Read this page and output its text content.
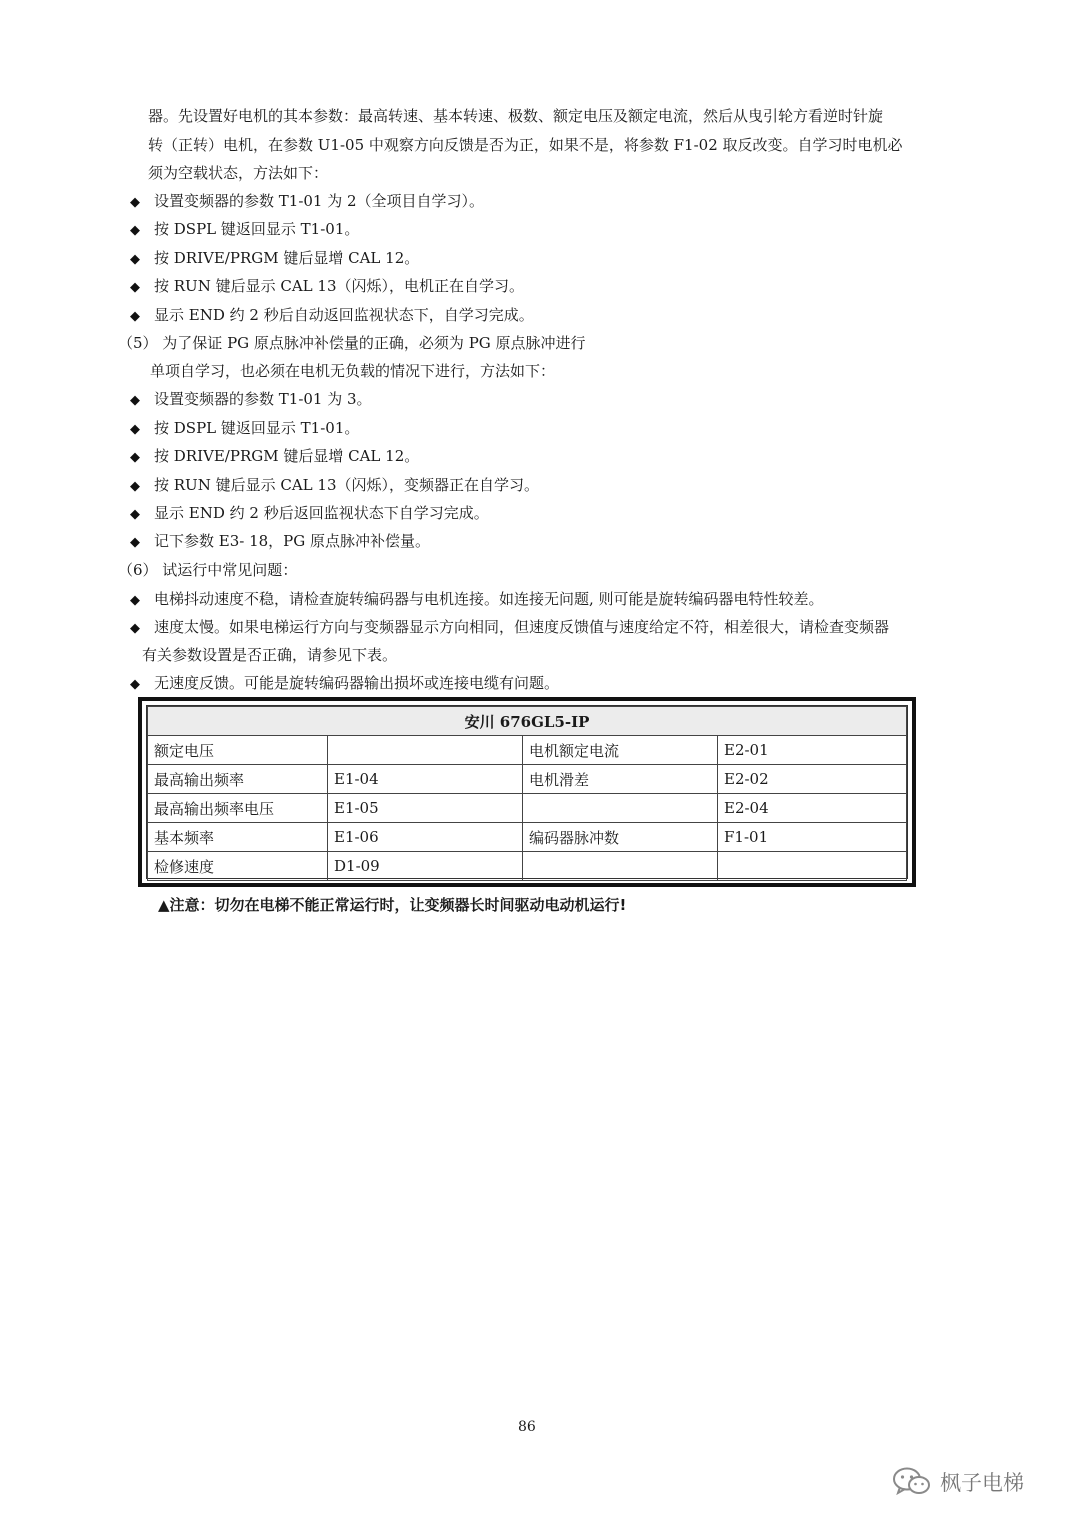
器。先设置好电机的其本参数：最高转速、基本转速、极数、额定电压及额定电流，然后从曳引轮方看逆时针旋
转（正转）电机，在参数 U1-05 中观察方向反馈是否为正，如果不是，将参数 F1-02 取反改变。自学习时电机必
须为空载状态，方法如下：
◆ 设置变频器的参数 T1-01 为 2（全项目自学习）。
◆ 按 DSPL 键返回显示 T1-01。
◆ 按 DRIVE/PRGM 键后显增 CAL 12。
◆ 按 RUN 键后显示 CAL 13（闪烁），电机正在自学习。
◆ 显示 END 约 2 秒后自动返回监视状态下，自学习完成。
（5） 为了保证 PG 原点脉冲补偿量的正确，必须为 PG 原点脉冲进行
单项自学习，也必须在电机无负载的情况下进行，方法如下：
◆ 设置变频器的参数 T1-01 为 3。
◆ 按 DSPL 键返回显示 T1-01。
◆ 按 DRIVE/PRGM 键后显增 CAL 12。
◆ 按 RUN 键后显示 CAL 13（闪烁），变频器正在自学习。
◆ 显示 END 约 2 秒后返回监视状态下自学习完成。
◆ 记下参数 E3- 18，PG 原点脉冲补偿量。
（6） 试运行中常见问题：
◆ 电梯抖动速度不稳，请检查旋转编码器与电机连接。如连接无问题, 则可能是旋转编码器电特性较差。
◆ 速度太慢。如果电梯运行方向与变频器显示方向相同，但速度反馈值与速度给定不符，相差很大，请检查变频器
有关参数设置是否正确，请参见下表。
◆ 无速度反馈。可能是旋转编码器输出损坏或连接电缆有问题。
安川 676GL5-IP			
额定电压		电机额定电流	E2-01
最高输出频率	E1-04	电机滑差	E2-02
最高输出频率电压	E1-05		E2-04
基本频率	E1-06	编码器脉冲数	F1-01
检修速度	D1-09		
▲注意：切勿在电梯不能正常运行时，让变频器长时间驱动电动机运行!
86
枫子电梯
